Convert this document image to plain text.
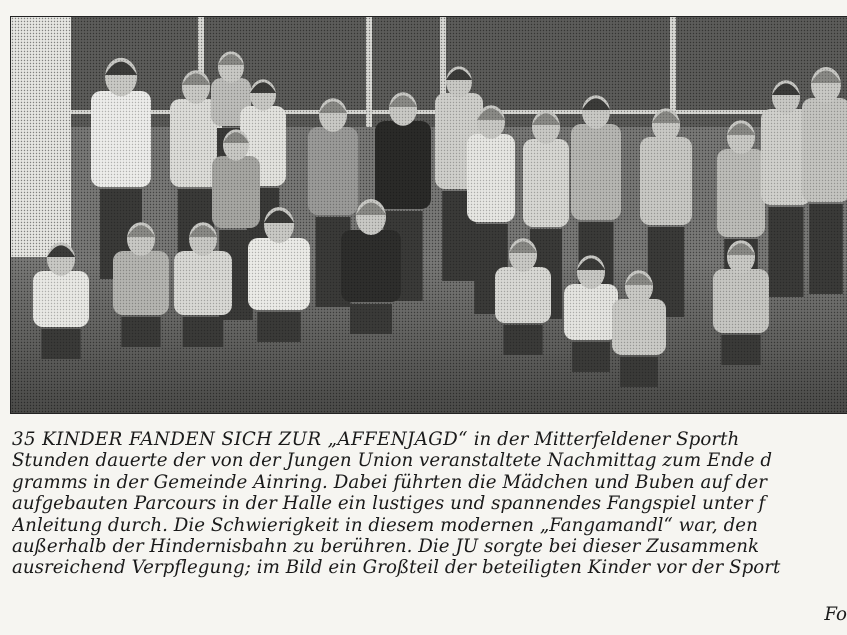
35 KINDER FANDEN SICH ZUR „AFFENJAGD“ in der Mitterfeldener Sporth
Stunden dauerte der von der Jungen Union veranstaltete Nachmittag zum Ende d
gramms in der Gemeinde Ainring. Dabei führten die Mädchen und Buben auf der
aufgebauten Parcours in der Halle ein lustiges und spannendes Fangspiel unter f
Anleitung durch. Die Schwierigkeit in diesem modernen „Fangamandl“ war, den
außerhalb der Hindernisbahn zu berühren. Die JU sorgte bei dieser Zusammenk
ausreichend Verpflegung; im Bild ein Großteil der beteiligten Kinder vor der Sport
Fo
